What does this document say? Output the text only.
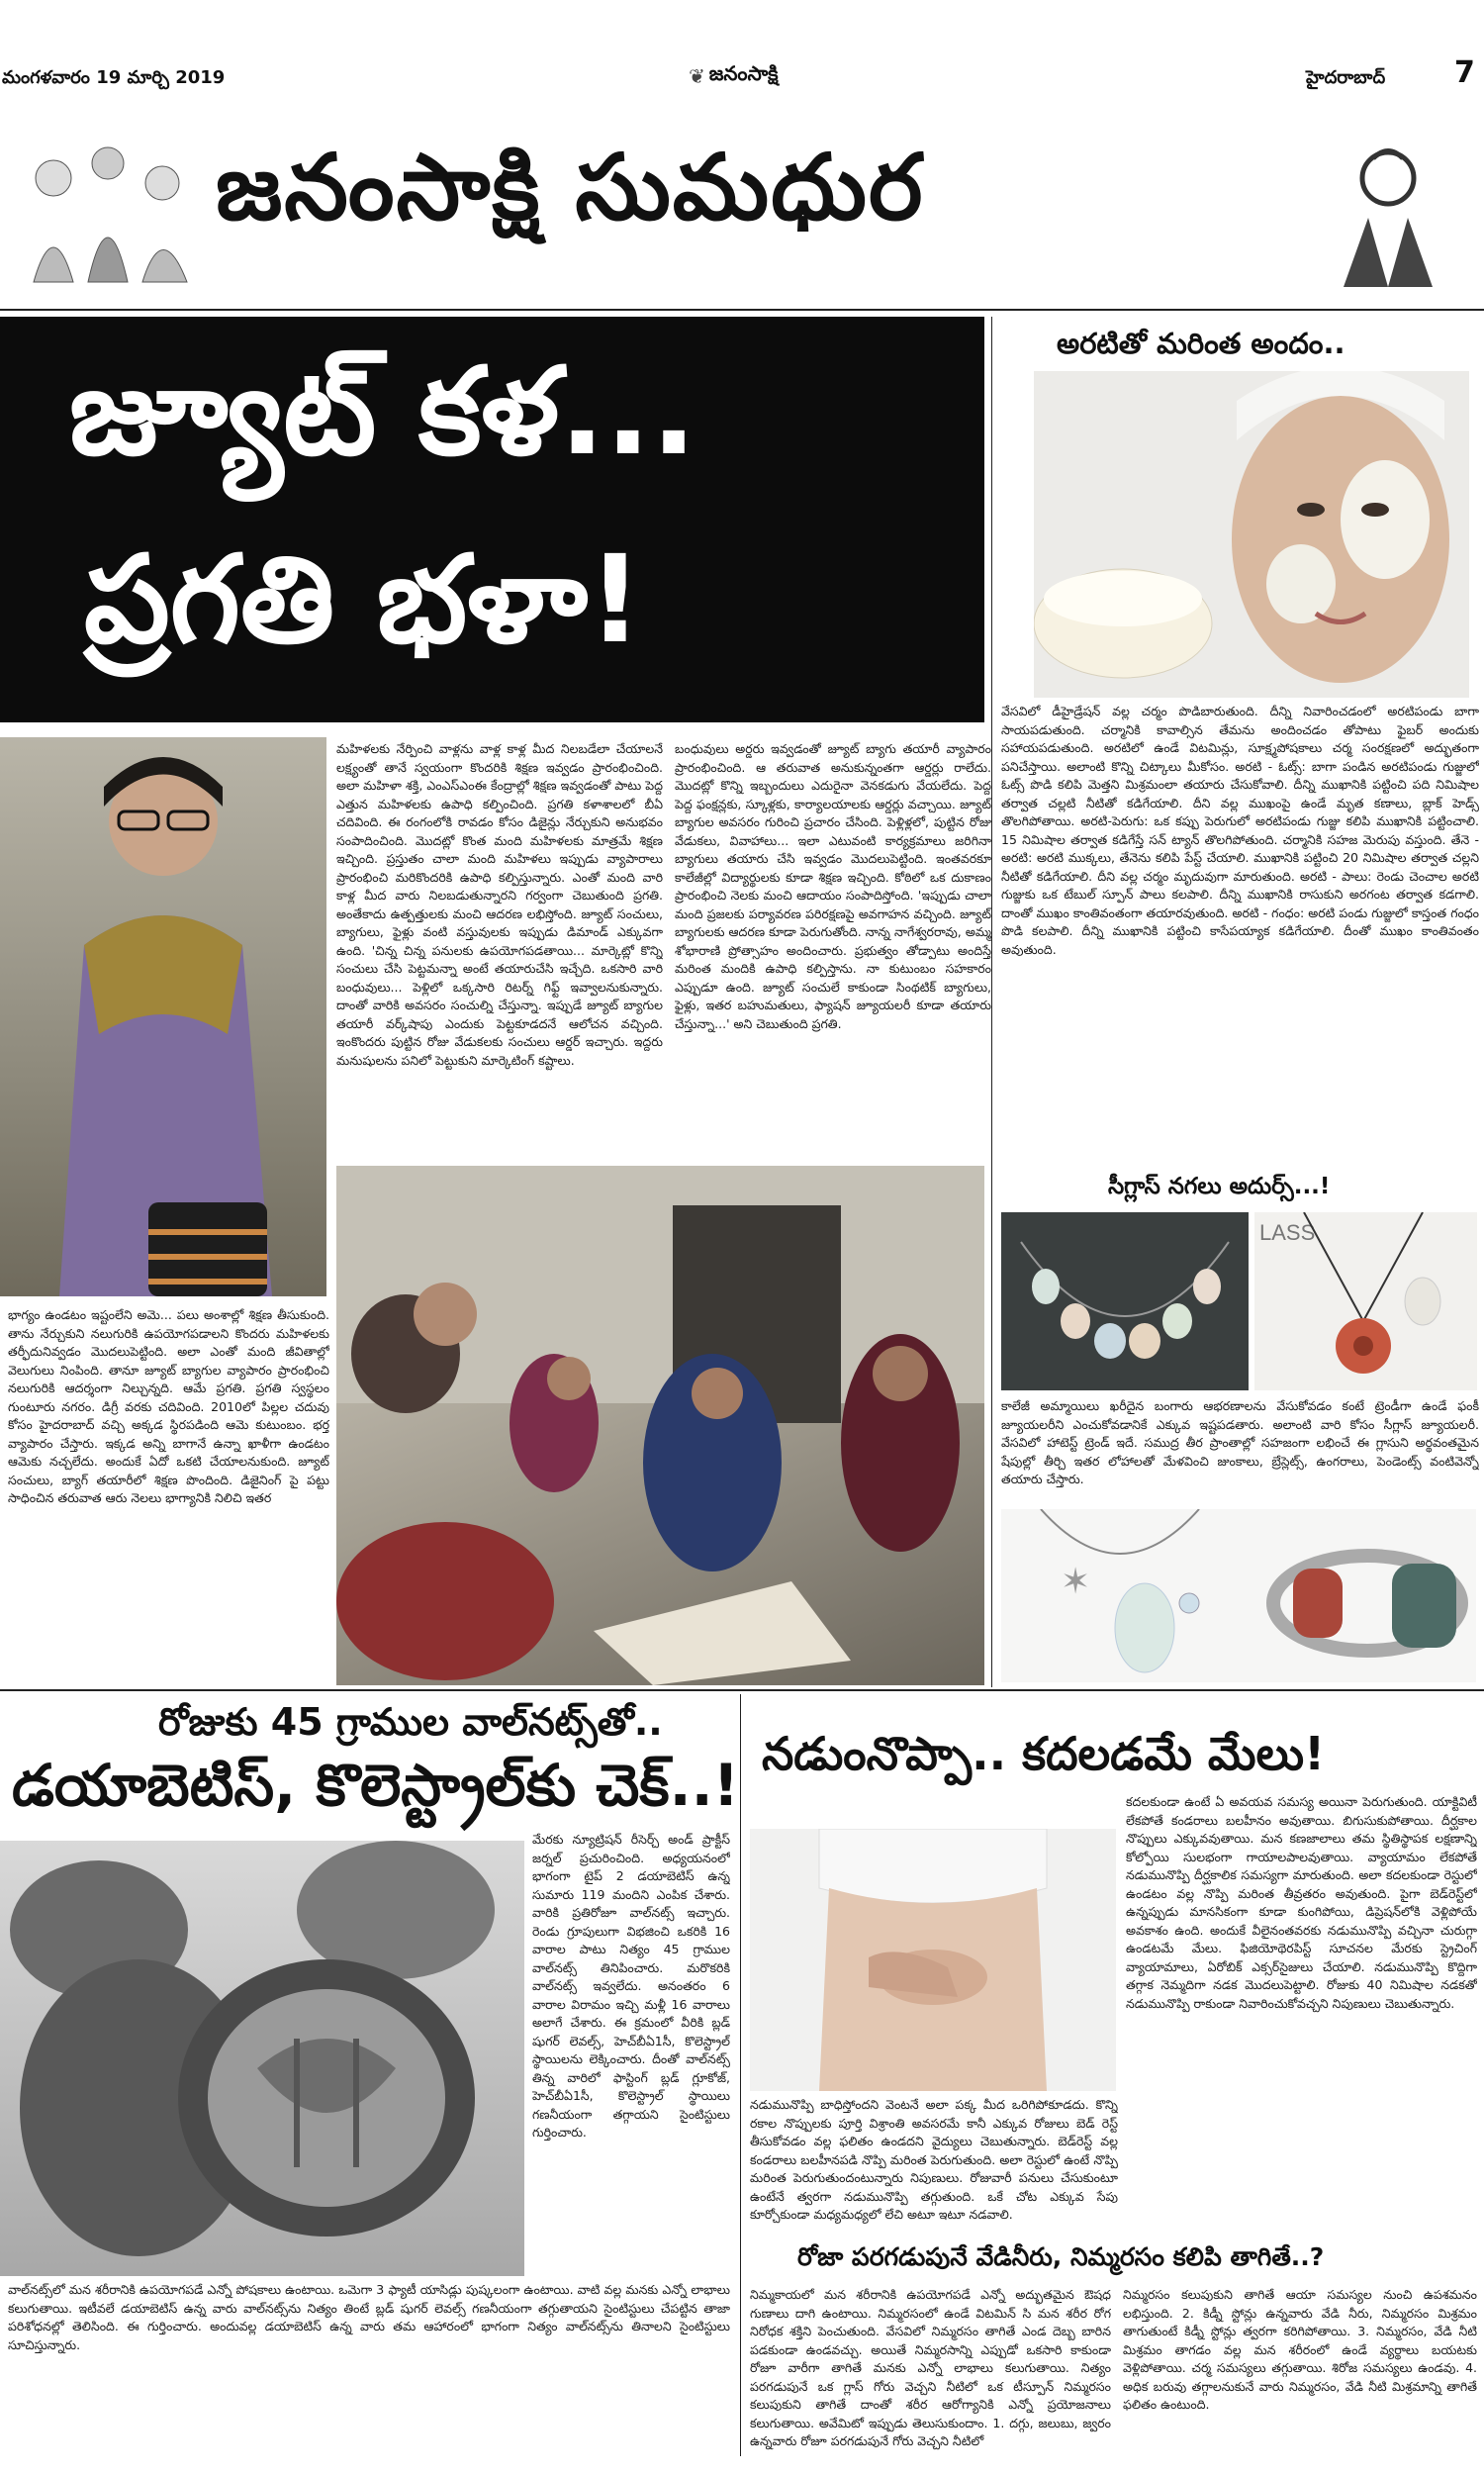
మంగళవారం 19 మార్చి 2019	❦ జనంసాక్షి	హైదరాబాద్ 7
జనంసాక్షి సుమధుర
జ్యూట్ కళ...
ప్రగతి భళా!
మహిళలకు నేర్పించి వాళ్లను వాళ్ల కాళ్ల మీద నిలబడేలా చేయాలనే లక్ష్యంతో తానే స్వయంగా కొందరికి శిక్షణ ఇవ్వడం ప్రారంభించింది. అలా మహిళా శక్తి, ఎంఎస్ఎంఈ కేంద్రాల్లో శిక్షణ ఇవ్వడంతో పాటు పెద్ద ఎత్తున మహిళలకు ఉపాధి కల్పించింది. ప్రగతి కళాశాలలో బీఏ చదివింది. ఈ రంగంలోకి రావడం కోసం డిజైన్లు నేర్చుకుని అనుభవం సంపాదించింది. మొదట్లో కొంత మంది మహిళలకు మాత్రమే శిక్షణ ఇచ్చింది. ప్రస్తుతం చాలా మంది మహిళలు ఇప్పుడు వ్యాపారాలు ప్రారంభించి మరికొందరికి ఉపాధి కల్పిస్తున్నారు. ఎంతో మంది వారి కాళ్ల మీద వారు నిలబడుతున్నారని గర్వంగా చెబుతుంది ప్రగతి. అంతేకాదు ఉత్పత్తులకు మంచి ఆదరణ లభిస్తోంది. జ్యూట్ సంచులు, బ్యాగులు, ఫైళ్లు వంటి వస్తువులకు ఇప్పుడు డిమాండ్ ఎక్కువగా ఉంది. 'చిన్న చిన్న పనులకు ఉపయోగపడతాయి... మార్కెట్లో కొన్ని సంచులు చేసి పెట్టమన్నా అంటే తయారుచేసి ఇచ్చేది. ఒకసారి వారి బంధువులు... పెళ్లిలో ఒక్కసారి రిటర్న్ గిఫ్ట్ ఇవ్వాలనుకున్నారు. దాంతో వారికి అవసరం సంచుల్ని చేస్తున్నా. ఇప్పుడే జ్యూట్ బ్యాగుల తయారీ వర్క్‌షాపు ఎందుకు పెట్టకూడదనే ఆలోచన వచ్చింది. ఇంకొందరు పుట్టిన రోజు వేడుకలకు సంచులు ఆర్డర్ ఇచ్చారు. ఇద్దరు మనుషులను పనిలో పెట్టుకుని మార్కెటింగ్ కష్టాలు.
బంధువులు అర్డరు ఇవ్వడంతో జ్యూట్ బ్యాగు తయారీ వ్యాపారం ప్రారంభించింది. ఆ తరువాత అనుకున్నంతగా ఆర్డర్లు రాలేదు. మొదట్లో కొన్ని ఇబ్బందులు ఎదురైనా వెనకడుగు వేయలేదు. పెద్ద పెద్ద ఫంక్షన్లకు, స్కూళ్లకు, కార్యాలయాలకు ఆర్డర్లు వచ్చాయి. జ్యూట్ బ్యాగుల అవసరం గురించి ప్రచారం చేసింది. పెళ్లిళ్లలో, పుట్టిన రోజు వేడుకలు, వివాహాలు... ఇలా ఎటువంటి కార్యక్రమాలు జరిగినా బ్యాగులు తయారు చేసి ఇవ్వడం మొదలుపెట్టింది. ఇంతవరకూ కాలేజీల్లో విద్యార్థులకు కూడా శిక్షణ ఇచ్చింది. కోఠిలో ఒక దుకాణం ప్రారంభించి నెలకు మంచి ఆదాయం సంపాదిస్తోంది. 'ఇప్పుడు చాలా మంది ప్రజలకు పర్యావరణ పరిరక్షణపై అవగాహన వచ్చింది. జ్యూట్ బ్యాగులకు ఆదరణ కూడా పెరుగుతోంది. నాన్న నాగేశ్వరరావు, అమ్మ శోభారాణి ప్రోత్సాహం అందించారు. ప్రభుత్వం తోడ్పాటు అందిస్తే మరింత మందికి ఉపాధి కల్పిస్తాను. నా కుటుంబం సహకారం ఎప్పుడూ ఉంది. జ్యూట్ సంచులే కాకుండా సింథటిక్ బ్యాగులు, ఫైళ్లు, ఇతర బహుమతులు, ఫ్యాషన్ జ్యూయలరీ కూడా తయారు చేస్తున్నా...' అని చెబుతుంది ప్రగతి.
భాగ్యం ఉండటం ఇష్టంలేని అమె... పలు అంశాల్లో శిక్షణ తీసుకుంది. తాను నేర్చుకుని నలుగురికి ఉపయోగపడాలని కొందరు మహిళలకు తర్ఫీదునివ్వడం మొదలుపెట్టింది. అలా ఎంతో మంది జీవితాల్లో వెలుగులు నింపింది. తానూ జ్యూట్ బ్యాగుల వ్యాపారం ప్రారంభించి నలుగురికి ఆదర్శంగా నిల్చున్నది. ఆమే ప్రగతి. ప్రగతి స్వస్థలం గుంటూరు నగరం. డిగ్రీ వరకు చదివింది. 2010లో పిల్లల చదువు కోసం హైదరాబాద్ వచ్చి అక్కడ స్థిరపడింది ఆమె కుటుంబం. భర్త వ్యాపారం చేస్తారు. ఇక్కడ అన్ని బాగానే ఉన్నా ఖాళీగా ఉండటం ఆమెకు నచ్చలేదు. అందుకే ఏదో ఒకటి చేయాలనుకుంది. జ్యూట్ సంచులు, బ్యాగ్ తయారీలో శిక్షణ పొందింది. డిజైనింగ్ పై పట్టు సాధించిన తరువాత ఆరు నెలలు భాగ్యానికి నిలిచి ఇతర
అరటితో మరింత అందం..
వేసవిలో డీహైడ్రేషన్ వల్ల చర్మం పొడిబారుతుంది. దీన్ని నివారించడంలో అరటిపండు బాగా సాయపడుతుంది. చర్మానికి కావాల్సిన తేమను అందించడం తోపాటు ఫైబర్ అందుకు సహాయపడుతుంది. అరటిలో ఉండే విటమిన్లు, సూక్ష్మపోషకాలు చర్మ సంరక్షణలో అద్భుతంగా పనిచేస్తాయి. అలాంటి కొన్ని చిట్కాలు మీకోసం. అరటి - ఓట్స్: బాగా పండిన అరటిపండు గుజ్జులో ఓట్స్ పొడి కలిపి మెత్తని మిశ్రమంలా తయారు చేసుకోవాలి. దీన్ని ముఖానికి పట్టించి పది నిమిషాల తర్వాత చల్లటి నీటితో కడిగేయాలి. దీని వల్ల ముఖంపై ఉండే మృత కణాలు, బ్లాక్ హెడ్స్ తొలగిపోతాయి. అరటి-పెరుగు: ఒక కప్పు పెరుగులో అరటిపండు గుజ్జు కలిపి ముఖానికి పట్టించాలి. 15 నిమిషాల తర్వాత కడిగేస్తే సన్ ట్యాన్ తొలగిపోతుంది. చర్మానికి సహజ మెరుపు వస్తుంది. తేనె - అరటి: అరటి ముక్కలు, తేనెను కలిపి పేస్ట్ చేయాలి. ముఖానికి పట్టించి 20 నిమిషాల తర్వాత చల్లని నీటితో కడిగేయాలి. దీని వల్ల చర్మం మృదువుగా మారుతుంది. అరటి - పాలు: రెండు చెంచాల అరటి గుజ్జుకు ఒక టేబుల్ స్పూన్ పాలు కలపాలి. దీన్ని ముఖానికి రాసుకుని అరగంట తర్వాత కడగాలి. దాంతో ముఖం కాంతివంతంగా తయారవుతుంది. అరటి - గంధం: అరటి పండు గుజ్జులో కాస్తంత గంధం పొడి కలపాలి. దీన్ని ముఖానికి పట్టించి కాసేపయ్యాక కడిగేయాలి. దీంతో ముఖం కాంతివంతం అవుతుంది.
సీగ్లాస్ నగలు అదుర్స్...!
LASS
కాలేజీ అమ్మాయిలు ఖరీదైన బంగారు ఆభరణాలను వేసుకోవడం కంటే ట్రెండీగా ఉండే ఫంకీ జ్యూయలరీని ఎంచుకోవడానికే ఎక్కువ ఇష్టపడతారు. అలాంటి వారి కోసం సీగ్లాస్ జ్యూయలరీ. వేసవిలో హాటెస్ట్ ట్రెండ్ ఇదే. సముద్ర తీర ప్రాంతాల్లో సహజంగా లభించే ఈ గ్లాసుని అర్థవంతమైన షేపుల్లో తీర్చి ఇతర లోహాలతో మేళవించి జుంకాలు, బ్రేస్లెట్స్, ఉంగరాలు, పెండెంట్స్ వంటివెన్నో తయారు చేస్తారు.
✶
రోజుకు 45 గ్రాముల వాల్‌నట్స్‌తో..
డయాబెటిస్, కొలెస్ట్రాల్‌కు చెక్..!
మేరకు న్యూట్రిషన్ రీసెర్చ్ అండ్ ప్రాక్టీస్ జర్నల్ ప్రచురించింది. అధ్యయనంలో భాగంగా టైప్ 2 డయాబెటిస్ ఉన్న సుమారు 119 మందిని ఎంపిక చేశారు. వారికి ప్రతిరోజూ వాల్‌నట్స్ ఇచ్చారు. రెండు గ్రూపులుగా విభజించి ఒకరికి 16 వారాల పాటు నిత్యం 45 గ్రాముల వాల్‌నట్స్ తినిపించారు. మరొకరికి వాల్‌నట్స్ ఇవ్వలేదు. అనంతరం 6 వారాల విరామం ఇచ్చి మళ్లీ 16 వారాలు అలాగే చేశారు. ఈ క్రమంలో వీరికి బ్లడ్ షుగర్ లెవల్స్, హెచ్‌బీఏ1సీ, కొలెస్ట్రాల్ స్థాయిలను లెక్కించారు. దీంతో వాల్‌నట్స్ తిన్న వారిలో ఫాస్టింగ్ బ్లడ్ గ్లూకోజ్, హెచ్‌బీఏ1సీ, కొలెస్ట్రాల్ స్థాయిలు గణనీయంగా తగ్గాయని సైంటిస్టులు గుర్తించారు.
వాల్‌నట్స్‌లో మన శరీరానికి ఉపయోగపడే ఎన్నో పోషకాలు ఉంటాయి. ఒమెగా 3 ఫ్యాటీ యాసిడ్లు పుష్కలంగా ఉంటాయి. వాటి వల్ల మనకు ఎన్నో లాభాలు కలుగుతాయి. ఇటీవలే డయాబెటిస్ ఉన్న వారు వాల్‌నట్స్‌ను నిత్యం తింటే బ్లడ్ షుగర్ లెవల్స్ గణనీయంగా తగ్గుతాయని సైంటిస్టులు చేపట్టిన తాజా పరిశోధనల్లో తెలిసింది. ఈ గుర్తించారు. అందువల్ల డయాబెటిస్ ఉన్న వారు తమ ఆహారంలో భాగంగా నిత్యం వాల్‌నట్స్‌ను తినాలని సైంటిస్టులు సూచిస్తున్నారు.
నడుంనొప్పా.. కదలడమే మేలు!
కదలకుండా ఉంటే ఏ అవయవ సమస్య అయినా పెరుగుతుంది. యాక్టివిటీ లేకపోతే కండరాలు బలహీనం అవుతాయి. బిగుసుకుపోతాయి. దీర్ఘకాల నొప్పులు ఎక్కువవుతాయి. మన కణజాలాలు తమ స్థితిస్థాపక లక్షణాన్ని కోల్పోయి సులభంగా గాయాలపాలవుతాయి. వ్యాయామం లేకపోతే నడుమునొప్పి దీర్ఘకాలిక సమస్యగా మారుతుంది. అలా కదలకుండా రెస్టులో ఉండటం వల్ల నొప్పి మరింత తీవ్రతరం అవుతుంది. పైగా బెడ్‌రెస్ట్‌లో ఉన్నప్పుడు మానసికంగా కూడా కుంగిపోయి, డిప్రెషన్‌లోకి వెళ్లిపోయే అవకాశం ఉంది. అందుకే వీలైనంతవరకు నడుమునొప్పి వచ్చినా చురుగ్గా ఉండటమే మేలు. ఫిజియోథెరపిస్ట్ సూచనల మేరకు స్ట్రెచింగ్ వ్యాయామాలు, ఏరోబిక్ ఎక్సర్‌సైజులు చేయాలి. నడుమునొప్పి కొద్దిగా తగ్గాక నెమ్మదిగా నడక మొదలుపెట్టాలి. రోజుకు 40 నిమిషాల నడకతో నడుమునొప్పి రాకుండా నివారించుకోవచ్చని నిపుణులు చెబుతున్నారు.
నడుమునొప్పి బాధిస్తోందని వెంటనే అలా పక్క మీద ఒరిగిపోకూడదు. కొన్ని రకాల నొప్పులకు పూర్తి విశ్రాంతి అవసరమే కానీ ఎక్కువ రోజులు బెడ్ రెస్ట్ తీసుకోవడం వల్ల ఫలితం ఉండదని వైద్యులు చెబుతున్నారు. బెడ్‌రెస్ట్ వల్ల కండరాలు బలహీనపడి నొప్పి మరింత పెరుగుతుంది. అలా రెస్టులో ఉంటే నొప్పి మరింత పెరుగుతుందంటున్నారు నిపుణులు. రోజువారీ పనులు చేసుకుంటూ ఉంటేనే త్వరగా నడుమునొప్పి తగ్గుతుంది. ఒకే చోట ఎక్కువ సేపు కూర్చోకుండా మధ్యమధ్యలో లేచి అటూ ఇటూ నడవాలి.
రోజా పరగడుపునే వేడినీరు, నిమ్మరసం కలిపి తాగితే..?
నిమ్మకాయలో మన శరీరానికి ఉపయోగపడే ఎన్నో అద్భుతమైన ఔషధ గుణాలు దాగి ఉంటాయి. నిమ్మరసంలో ఉండే విటమిన్ సి మన శరీర రోగ నిరోధక శక్తిని పెంచుతుంది. వేసవిలో నిమ్మరసం తాగితే ఎండ దెబ్బ బారిన పడకుండా ఉండవచ్చు. అయితే నిమ్మరసాన్ని ఎప్పుడో ఒకసారి కాకుండా రోజూ వారీగా తాగితే మనకు ఎన్నో లాభాలు కలుగుతాయి. నిత్యం పరగడుపునే ఒక గ్లాస్ గోరు వెచ్చని నీటిలో ఒక టీస్పూన్ నిమ్మరసం కలుపుకుని తాగితే దాంతో శరీర ఆరోగ్యానికి ఎన్నో ప్రయోజనాలు కలుగుతాయి. అవేమిటో ఇప్పుడు తెలుసుకుందాం. 1. దగ్గు, జలుబు, జ్వరం ఉన్నవారు రోజూ పరగడుపునే గోరు వెచ్చని నీటిలో
నిమ్మరసం కలుపుకుని తాగితే ఆయా సమస్యల నుంచి ఉపశమనం లభిస్తుంది. 2. కిడ్నీ స్టోన్లు ఉన్నవారు వేడి నీరు, నిమ్మరసం మిశ్రమం తాగుతుంటే కిడ్నీ స్టోన్లు త్వరగా కరిగిపోతాయి. 3. నిమ్మరసం, వేడి నీటి మిశ్రమం తాగడం వల్ల మన శరీరంలో ఉండే వ్యర్థాలు బయటకు వెళ్లిపోతాయి. చర్మ సమస్యలు తగ్గుతాయి. శిరోజ సమస్యలు ఉండవు. 4. అధిక బరువు తగ్గాలనుకునే వారు నిమ్మరసం, వేడి నీటి మిశ్రమాన్ని తాగితే ఫలితం ఉంటుంది.
